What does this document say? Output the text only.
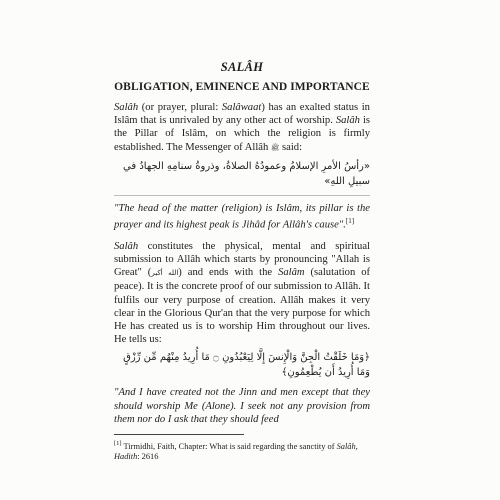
SALÂH
OBLIGATION, EMINENCE AND IMPORTANCE

Salâh (or prayer, plural: Salâwaat) has an exalted status in Islâm that is unrivaled by any other act of worship. Salâh is the Pillar of Islâm, on which the religion is firmly established. The Messenger of Allâh ﷺ said:

«رأسُ الأمرِ الإسلامُ وعمودُهُ الصلاةُ، وذروةُ سنامِهِ الجهادُ في سبيلِ اللهِ»
"The head of the matter (religion) is Islâm, its pillar is the prayer and its highest peak is Jihâd for Allâh's cause".[1]

Salâh constitutes the physical, mental and spiritual submission to Allâh which starts by pronouncing "Allah is Great" (الله أكبر) and ends with the Salâm (salutation of peace). It is the concrete proof of our submission to Allâh. It fulfils our very purpose of creation. Allâh makes it very clear in the Glorious Qur'an that the very purpose for which He has created us is to worship Him throughout our lives. He tells us:

﴿وَمَا خَلَقْتُ الْجِنَّ وَالْإِنسَ إِلَّا لِيَعْبُدُونِ ۝ مَا أُرِيدُ مِنْهُم مِّن رِّزْقٍ وَمَا أُرِيدُ أَن يُطْعِمُونِ﴾
"And I have created not the Jinn and men except that they should worship Me (Alone). I seek not any provision from them nor do I ask that they should feed

[1] Tirmidhi, Faith, Chapter: What is said regarding the sanctity of Salâh, Hadith: 2616
